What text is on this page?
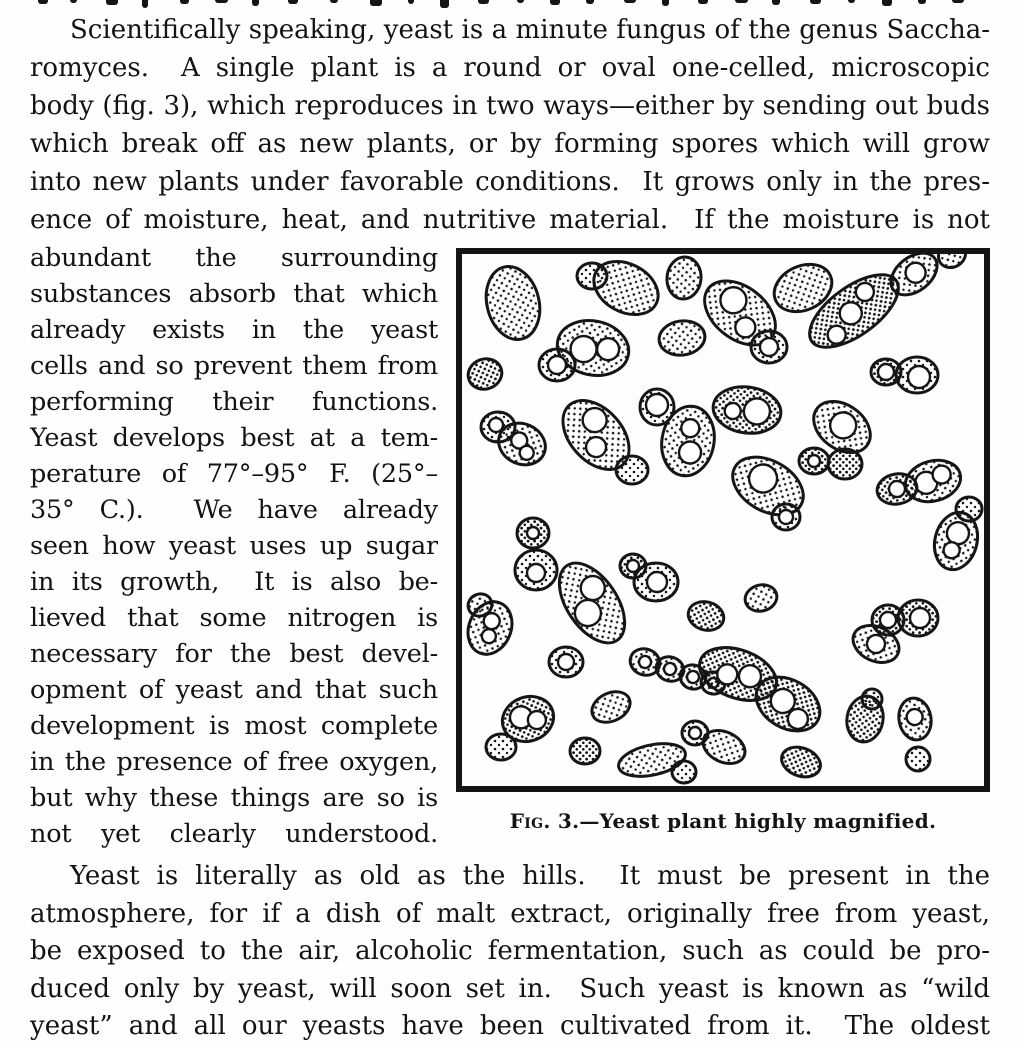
Scientifically speaking, yeast is a minute fungus of the genus Saccha-
romyces.  A single plant is a round or oval one-celled, microscopic
body (fig. 3), which reproduces in two ways—either by sending out buds
which break off as new plants, or by forming spores which will grow
into new plants under favorable conditions.  It grows only in the pres-
ence of moisture, heat, and nutritive material.  If the moisture is not
abundant the surrounding
substances absorb that which
already exists in the yeast
cells and so prevent them from
performing their functions.
Yeast develops best at a tem-
perature of 77°–95° F. (25°–
35° C.).  We have already
seen how yeast uses up sugar
in its growth,  It is also be-
lieved that some nitrogen is
necessary for the best devel-
opment of yeast and that such
development is most complete
in the presence of free oxygen,
but why these things are so is
not yet clearly understood.	Fig. 3.—Yeast plant highly magnified.
Yeast is literally as old as the hills.  It must be present in the
atmosphere, for if a dish of malt extract, originally free from yeast,
be exposed to the air, alcoholic fermentation, such as could be pro-
duced only by yeast, will soon set in.  Such yeast is known as “wild
yeast” and all our yeasts have been cultivated from it.  The oldest
